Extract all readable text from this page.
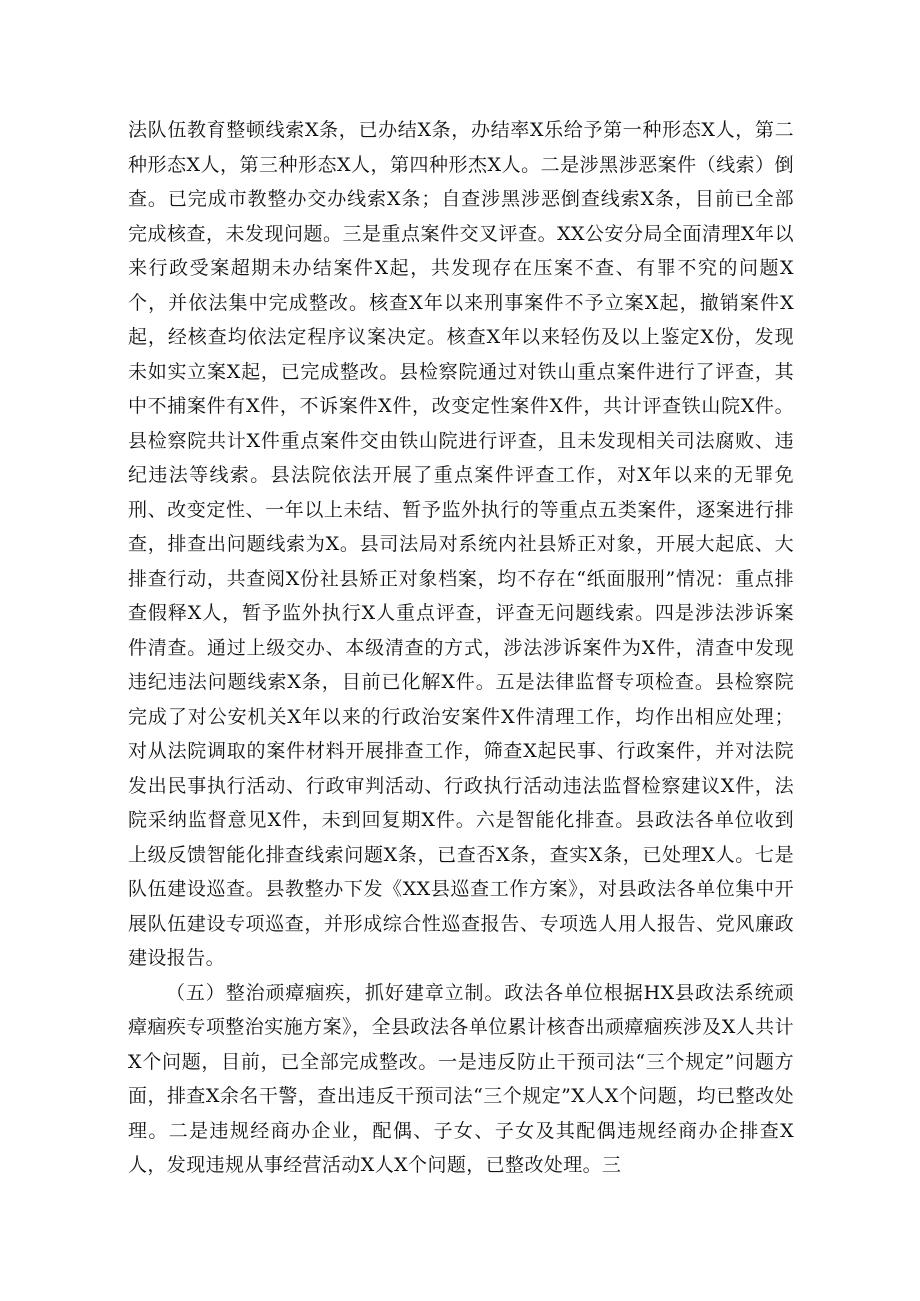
法队伍教育整顿线索X条，已办结X条，办结率X乐给予第一种形态X人，第二种形态X人，第三种形态X人，第四种形杰X人。二是涉黑涉恶案件（线索）倒查。已完成市教整办交办线索X条；自查涉黑涉恶倒查线索X条，目前已全部完成核查，未发现问题。三是重点案件交叉评查。XX公安分局全面清理X年以来行政受案超期未办结案件X起，共发现存在压案不查、有罪不究的问题X个，并依法集中完成整改。核查X年以来刑事案件不予立案X起，撤销案件X起，经核查均依法定程序议案决定。核查X年以来轻伤及以上鉴定X份，发现未如实立案X起，已完成整改。县检察院通过对铁山重点案件进行了评查，其中不捕案件有X件，不诉案件X件，改变定性案件X件，共计评查铁山院X件。县检察院共计X件重点案件交由铁山院进行评查，且未发现相关司法腐败、违纪违法等线索。县法院依法开展了重点案件评查工作，对X年以来的无罪免刑、改变定性、一年以上未结、暂予监外执行的等重点五类案件，逐案进行排查，排查出问题线索为X。县司法局对系统内社县矫正对象，开展大起底、大排查行动，共查阅X份社县矫正对象档案，均不存在“纸面服刑”情况：重点排查假释X人，暂予监外执行X人重点评查，评查无问题线索。四是涉法涉诉案件清查。通过上级交办、本级清查的方式，涉法涉诉案件为X件，清查中发现违纪违法问题线索X条，目前已化解X件。五是法律监督专项检查。县检察院完成了对公安机关X年以来的行政治安案件X件清理工作，均作出相应处理；对从法院调取的案件材料开展排查工作，筛查X起民事、行政案件，并对法院发出民事执行活动、行政审判活动、行政执行活动违法监督检察建议X件，法院采纳监督意见X件，未到回复期X件。六是智能化排查。县政法各单位收到上级反馈智能化排查线索问题X条，已查否X条，查实X条，已处理X人。七是队伍建设巡查。县教整办下发《XX县巡查工作方案》，对县政法各单位集中开展队伍建设专项巡查，并形成综合性巡查报告、专项选人用人报告、党风廉政建设报告。

（五）整治顽瘴痼疾，抓好建章立制。政法各单位根据HX县政法系统顽瘴痼疾专项整治实施方案》，全县政法各单位累计核杳出顽瘴痼疾涉及X人共计X个问题，目前，已全部完成整改。一是违反防止干预司法“三个规定”问题方面，排查X余名干警，查出违反干预司法“三个规定”X人X个问题，均已整改处理。二是违规经商办企业，配偶、子女、子女及其配偶违规经商办企排查X人，发现违规从事经营活动X人X个问题，已整改处理。三
